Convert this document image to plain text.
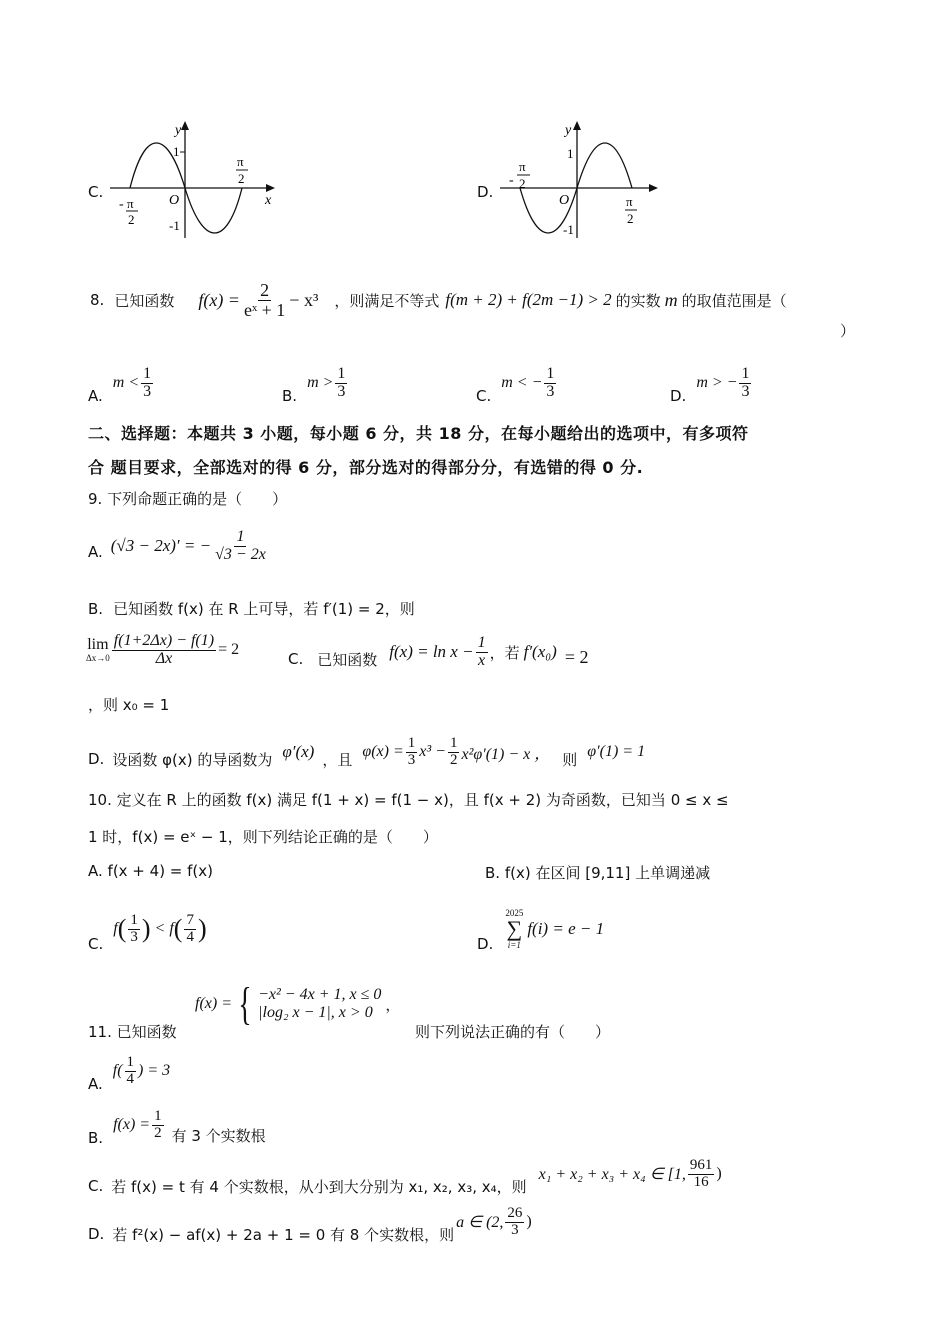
C.
y
x
O
1
-1
- π
2
π
2
D.
y
O
1
-1
-
π
2
π
2
8. 已知函数 $f(x) = \frac{2}{\text{eˣ + 1}} - x^3$ ，则满足不等式 f(m + 2) + f(2m −1) > 2 的实数 m 的取值范围是（
）
A.
$m < \frac{1}{3}$	B.
$m > \frac{1}{3}$	C.
m < − $\frac{1}{3}$	D.
m > − $\frac{1}{3}$
二、选择题：本题共 3 小题，每小题 6 分，共 18 分，在每小题给出的选项中，有多项符
合 题目要求，全部选对的得 6 分，部分选对的得部分分，有选错的得 0 分.
9. 下列命题正确的是（　　）
A. (√3 − 2x)′ = − $\frac{1}{√3 - 2x}$
B. 已知函数 f(x) 在 R 上可导，若 f′(1) = 2，则
lim
$\Delta x\to 0 \frac{f(1+2\Delta x) - f(1)}{\Delta x} = 2$
C. 已知函数 $f(x) = \ln x - \frac{1}{x}$ ，若 f′(x₀) = 2
，则 x₀ = 1
D. 设函数 φ(x) 的导函数为 φ′(x) ，且 $\varphi(x) = \frac{1}{3} x^3 - \frac{1}{2} x^2\varphi'(1) - x$ ， 则 φ′(1) = 1
10. 定义在 R 上的函数 f(x) 满足 f(1 + x) = f(1 − x)，且 f(x + 2) 为奇函数，已知当 0 ≤ x ≤
1 时，f(x) = eˣ − 1，则下列结论正确的是（　　）
A. f(x + 4) = f(x)	B. f(x) 在区间 [9,11] 上单调递减
C.
f ( $\frac{1}{3}$ ) < f ( $\frac{7}{4}$ )
D.
2025
∑
i=1
f(i) = e − 1
11. 已知函数
f(x) = { −x² − 4x + 1, x ≤ 0
|log₂ x − 1|, x > 0 ，
则下列说法正确的有（　　）
A.
$f( \frac{1}{4}$ ) = 3
B.
$f(x) = \frac{1}{2}$ 有 3 个实数根
C. 若 f(x) = t 有 4 个实数根，从小到大分别为 x₁, x₂, x₃, x₄，则
x₁ + x₂ + x₃ + x₄ ∈ [1, $\frac{961}{16}$ )
D. 若 f²(x) − af(x) + 2a + 1 = 0 有 8 个实数根，则
a ∈ (2, $\frac{26}{3}$ )
